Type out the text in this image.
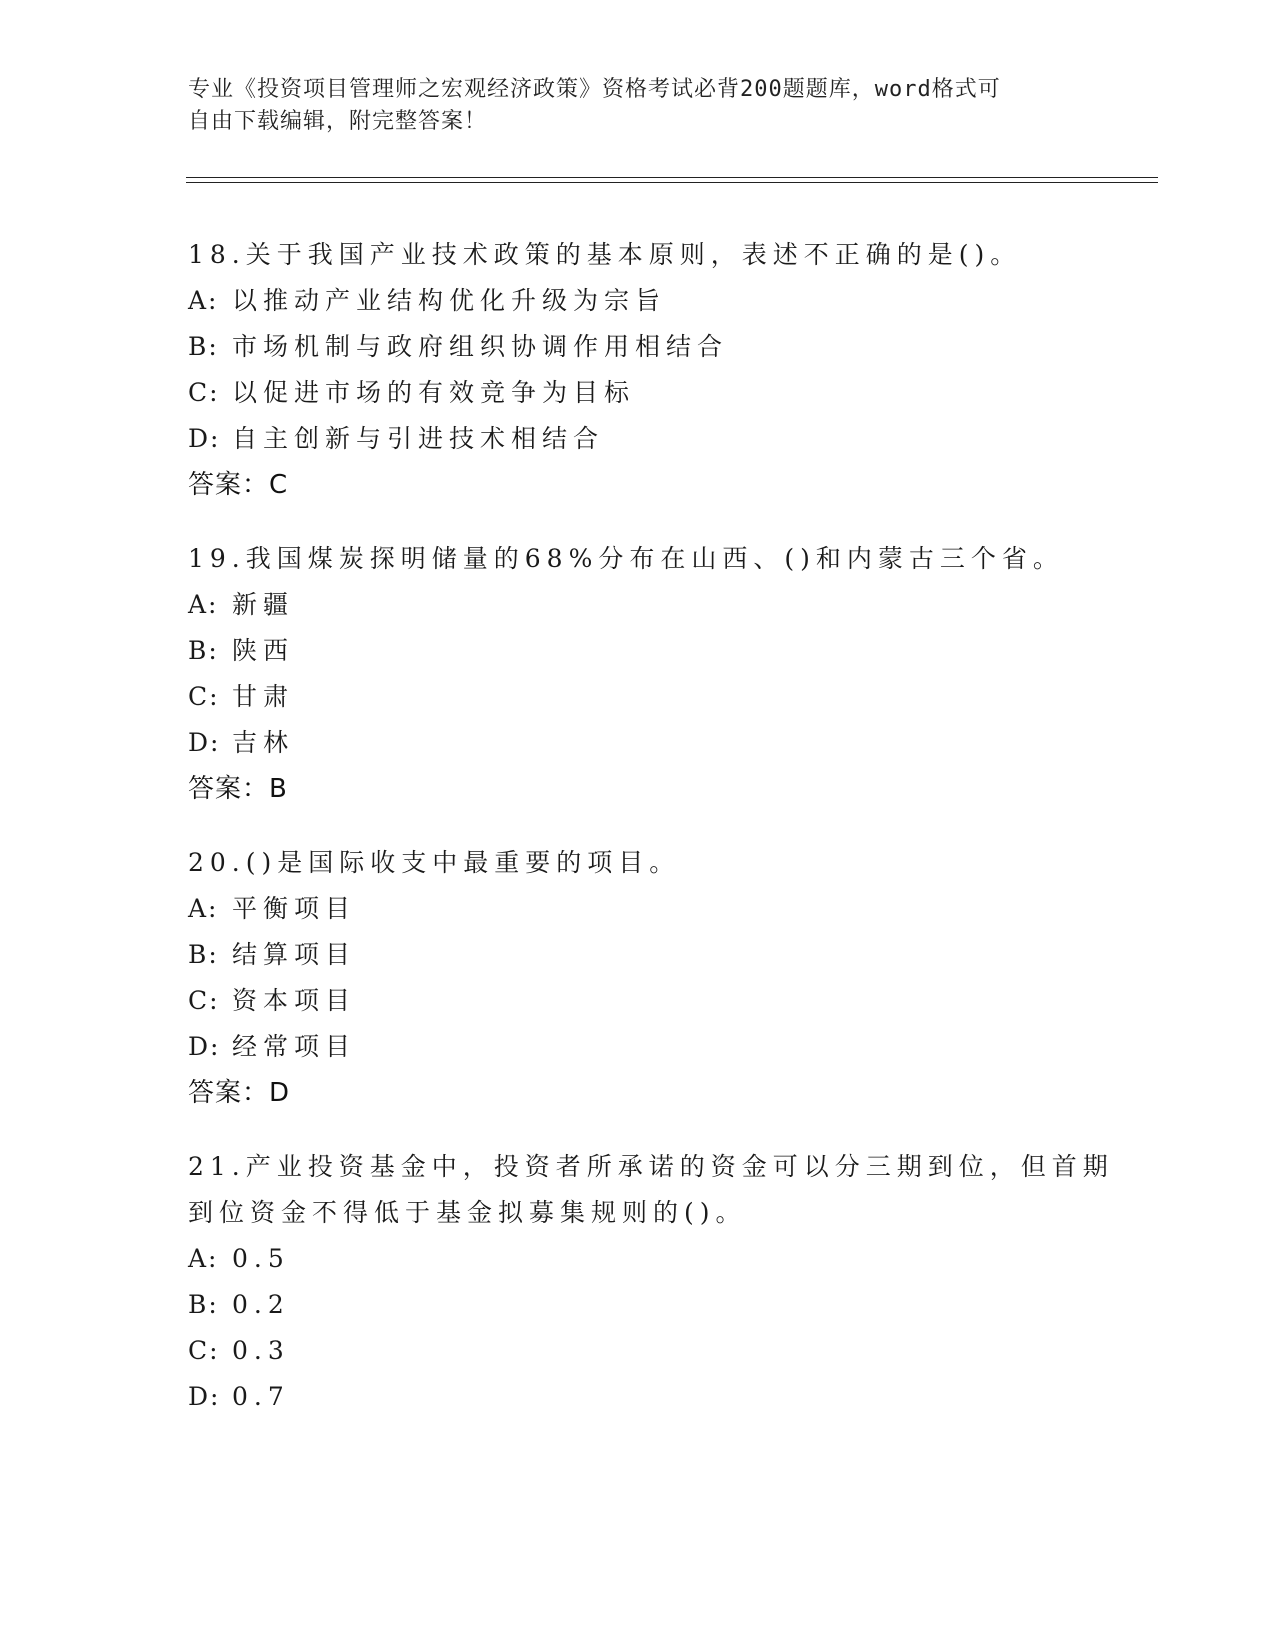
专业《投资项目管理师之宏观经济政策》资格考试必背200题题库，word格式可
自由下载编辑，附完整答案！
18.关于我国产业技术政策的基本原则，表述不正确的是()。
A: 以推动产业结构优化升级为宗旨
B: 市场机制与政府组织协调作用相结合
C: 以促进市场的有效竞争为目标
D: 自主创新与引进技术相结合
答案：C
19.我国煤炭探明储量的68%分布在山西、()和内蒙古三个省。
A: 新疆
B: 陕西
C: 甘肃
D: 吉林
答案：B
20.()是国际收支中最重要的项目。
A: 平衡项目
B: 结算项目
C: 资本项目
D: 经常项目
答案：D
21.产业投资基金中，投资者所承诺的资金可以分三期到位，但首期到位资金不得低于基金拟募集规则的()。
A: 0.5
B: 0.2
C: 0.3
D: 0.7
